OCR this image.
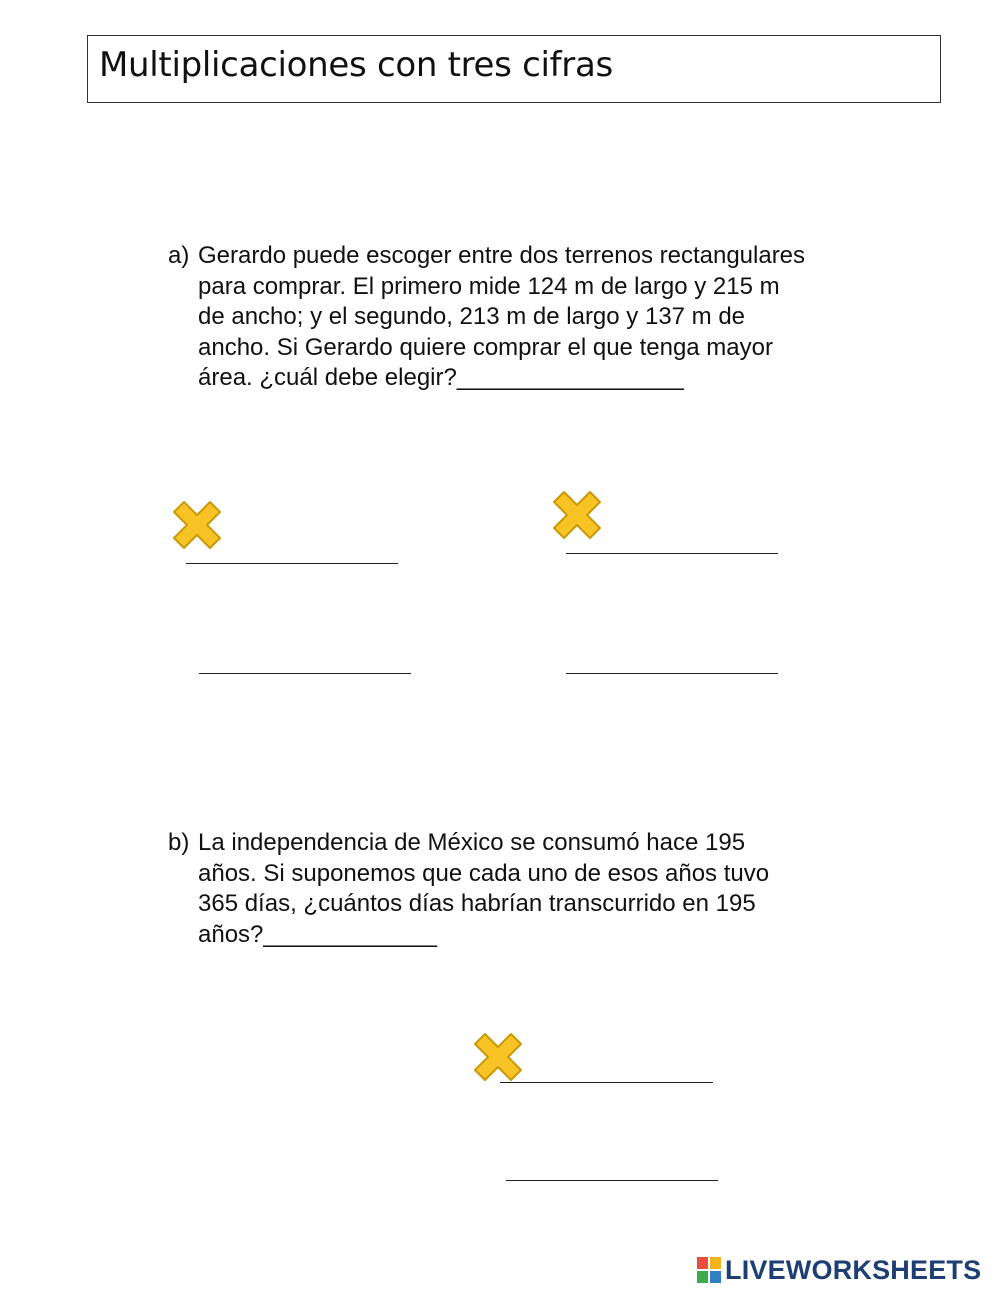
Multiplicaciones con tres cifras
a) Gerardo puede escoger entre dos terrenos rectangulares
para comprar. El primero mide 124 m de largo y 215 m
de ancho; y el segundo, 213 m de largo y 137 m de
ancho. Si Gerardo quiere comprar el que tenga mayor
área. ¿cuál debe elegir?_________________
b) La independencia de México se consumó hace 195
años. Si suponemos que cada uno de esos años tuvo
365 días, ¿cuántos días habrían transcurrido en 195
años?_____________
LIVEWORKSHEETS
